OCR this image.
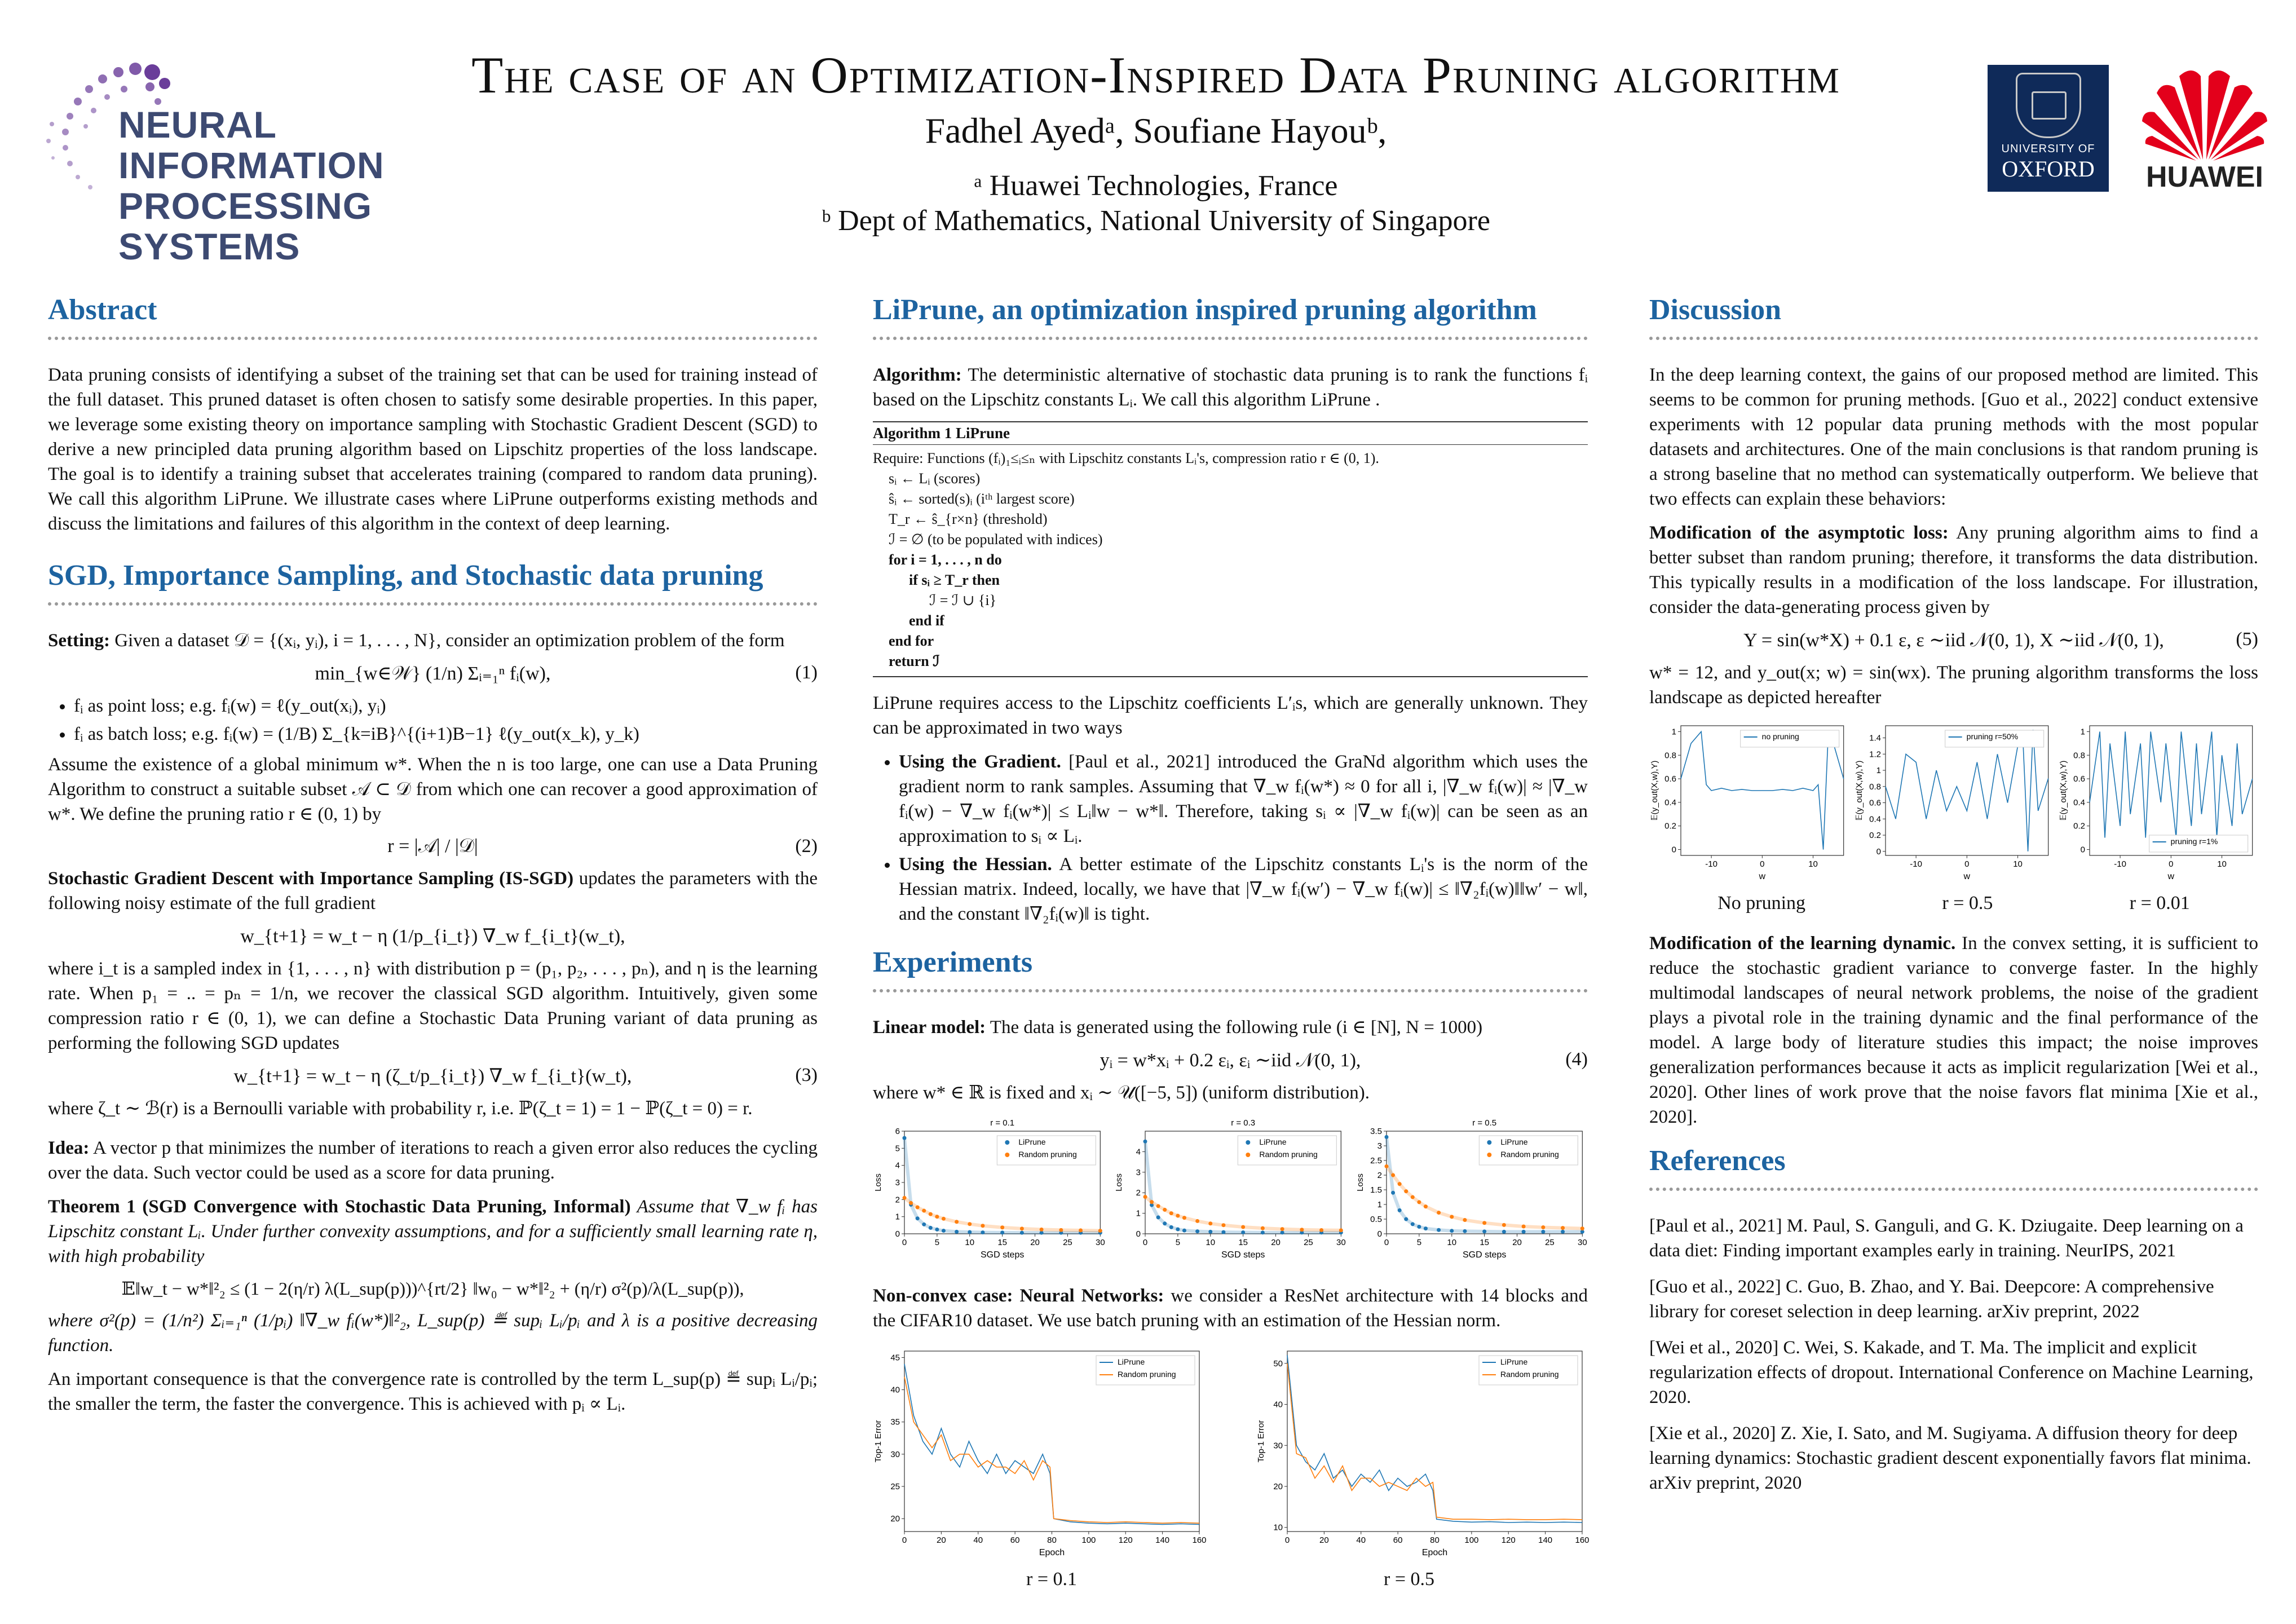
NEURAL INFORMATION
PROCESSING SYSTEMS
The case of an Optimization-Inspired Data Pruning algorithm
Fadhel Ayedᵃ, Soufiane Hayouᵇ,
ᵃ Huawei Technologies, France
ᵇ Dept of Mathematics, National University of Singapore
UNIVERSITY OF
OXFORD	HUAWEI
Abstract

Data pruning consists of identifying a subset of the training set that can be used for training instead of the full dataset. This pruned dataset is often chosen to satisfy some desirable properties. In this paper, we leverage some existing theory on importance sampling with Stochastic Gradient Descent (SGD) to derive a new principled data pruning algorithm based on Lipschitz properties of the loss landscape. The goal is to identify a training subset that accelerates training (compared to random data pruning). We call this algorithm LiPrune. We illustrate cases where LiPrune outperforms existing methods and discuss the limitations and failures of this algorithm in the context of deep learning.

SGD, Importance Sampling, and Stochastic data pruning

Setting: Given a dataset 𝒟 = {(xᵢ, yᵢ), i = 1, . . . , N}, consider an optimization problem of the form

min_{w∈𝒲} (1/n) Σᵢ₌₁ⁿ fᵢ(w),	(1)
• fᵢ as point loss; e.g. fᵢ(w) = ℓ(y_out(xᵢ), yᵢ)
• fᵢ as batch loss; e.g. fᵢ(w) = (1/B) Σ_{k=iB}^{(i+1)B−1} ℓ(y_out(x_k), y_k)

Assume the existence of a global minimum w*. When the n is too large, one can use a Data Pruning Algorithm to construct a suitable subset 𝒜 ⊂ 𝒟 from which one can recover a good approximation of w*. We define the pruning ratio r ∈ (0, 1) by

r = |𝒜| / |𝒟|	(2)

Stochastic Gradient Descent with Importance Sampling (IS-SGD) updates the parameters with the following noisy estimate of the full gradient

w_{t+1} = w_t − η (1/p_{i_t}) ∇_w f_{i_t}(w_t),

where i_t is a sampled index in {1, . . . , n} with distribution p = (p₁, p₂, . . . , pₙ), and η is the learning rate. When p₁ = .. = pₙ = 1/n, we recover the classical SGD algorithm. Intuitively, given some compression ratio r ∈ (0, 1), we can define a Stochastic Data Pruning variant of data pruning as performing the following SGD updates

w_{t+1} = w_t − η (ζ_t/p_{i_t}) ∇_w f_{i_t}(w_t),	(3)

where ζ_t ∼ ℬ(r) is a Bernoulli variable with probability r, i.e. ℙ(ζ_t = 1) = 1 − ℙ(ζ_t = 0) = r.

Idea: A vector p that minimizes the number of iterations to reach a given error also reduces the cycling over the data. Such vector could be used as a score for data pruning.

Theorem 1 (SGD Convergence with Stochastic Data Pruning, Informal) Assume that ∇_w fᵢ has Lipschitz constant Lᵢ. Under further convexity assumptions, and for a sufficiently small learning rate η, with high probability

𝔼‖w_t − w*‖²₂ ≤ (1 − 2(η/r) λ(L_sup(p)))^{rt/2} ‖w₀ − w*‖²₂ + (η/r) σ²(p)/λ(L_sup(p)),

where σ²(p) = (1/n²) Σᵢ₌₁ⁿ (1/pᵢ) ‖∇_w fᵢ(w*)‖²₂, L_sup(p) ≝ supᵢ Lᵢ/pᵢ and λ is a positive decreasing function.

An important consequence is that the convergence rate is controlled by the term L_sup(p) ≝ supᵢ Lᵢ/pᵢ; the smaller the term, the faster the convergence. This is achieved with pᵢ ∝ Lᵢ.

LiPrune, an optimization inspired pruning algorithm

Algorithm: The deterministic alternative of stochastic data pruning is to rank the functions fᵢ based on the Lipschitz constants Lᵢ. We call this algorithm LiPrune .

Algorithm 1 LiPrune
Require: Functions (fᵢ)₁≤ᵢ≤ₙ with Lipschitz constants Lᵢ's, compression ratio r ∈ (0, 1).
sᵢ ← Lᵢ (scores)
ŝᵢ ← sorted(s)ᵢ (iᵗʰ largest score)
T_r ← ŝ_{r×n} (threshold)
ℐ = ∅ (to be populated with indices)
for i = 1, . . . , n do
if sᵢ ≥ T_r then
ℐ = ℐ ∪ {i}
end if
end for
return ℐ

LiPrune requires access to the Lipschitz coefficients L′ᵢs, which are generally unknown. They can be approximated in two ways

• Using the Gradient. [Paul et al., 2021] introduced the GraNd algorithm which uses the gradient norm to rank samples. Assuming that ∇_w fᵢ(w*) ≈ 0 for all i, |∇_w fᵢ(w)| ≈ |∇_w fᵢ(w) − ∇_w fᵢ(w*)| ≤ Lᵢ‖w − w*‖. Therefore, taking sᵢ ∝ |∇_w fᵢ(w)| can be seen as an approximation to sᵢ ∝ Lᵢ.
• Using the Hessian. A better estimate of the Lipschitz constants Lᵢ's is the norm of the Hessian matrix. Indeed, locally, we have that |∇_w fᵢ(w′) − ∇_w fᵢ(w)| ≤ ‖∇₂fᵢ(w)‖‖w′ − w‖, and the constant ‖∇₂fᵢ(w)‖ is tight.
Experiments

Linear model: The data is generated using the following rule (i ∈ [N], N = 1000)

yᵢ = w*xᵢ + 0.2 εᵢ, εᵢ ∼iid 𝒩(0, 1),	(4)

where w* ∈ ℝ is fixed and xᵢ ∼ 𝒰([−5, 5]) (uniform distribution).

r = 0.1
0	5	10	15	20	25	30
0
1
2
3
4
5
6
SGD steps
Loss
LiPrune
Random pruning
r = 0.3
0	5	10	15	20	25	30
0
1
2
3
4
SGD steps
Loss
LiPrune
Random pruning
r = 0.5
0	5	10	15	20	25	30
0
0.5
1
1.5
2
2.5
3
3.5
SGD steps
Loss
LiPrune
Random pruning

Non-convex case: Neural Networks: we consider a ResNet architecture with 14 blocks and the CIFAR10 dataset. We use batch pruning with an estimation of the Hessian norm.

0	20	40	60	80	100	120	140	160
20
25
30
35
40
45
Epoch
Top-1 Error
LiPrune
Random pruning
0	20	40	60	80	100	120	140	160
10
20
30
40
50
Epoch
Top-1 Error
LiPrune
Random pruning
r = 0.1	r = 0.5
Discussion

In the deep learning context, the gains of our proposed method are limited. This seems to be common for pruning methods. [Guo et al., 2022] conduct extensive experiments with 12 popular data pruning methods with the most popular datasets and architectures. One of the main conclusions is that random pruning is a strong baseline that no method can systematically outperform. We believe that two effects can explain these behaviors:

Modification of the asymptotic loss: Any pruning algorithm aims to find a better subset than random pruning; therefore, it transforms the data distribution. This typically results in a modification of the loss landscape. For illustration, consider the data-generating process given by

Y = sin(w*X) + 0.1 ε, ε ∼iid 𝒩(0, 1), X ∼iid 𝒩(0, 1),	(5)

w* = 12, and y_out(x; w) = sin(wx). The pruning algorithm transforms the loss landscape as depicted hereafter

-10	0	10
0
0.2
0.4
0.6
0.8
1
w
𝔼(y_out(X,w),Y)
no pruning
-10	0	10
0
0.2
0.4
0.6
0.8
1
1.2
1.4
w
𝔼(y_out(X,w),Y)
pruning r=50%
-10	0	10
0
0.2
0.4
0.6
0.8
1
w
𝔼(y_out(X,w),Y)
pruning r=1%
No pruning	r = 0.5	r = 0.01

Modification of the learning dynamic. In the convex setting, it is sufficient to reduce the stochastic gradient variance to converge faster. In the highly multimodal landscapes of neural network problems, the noise of the gradient plays a pivotal role in the training dynamic and the final performance of the model. A large body of literature studies this impact; the noise improves generalization performances because it acts as implicit regularization [Wei et al., 2020]. Other lines of work prove that the noise favors flat minima [Xie et al., 2020].

References
[Paul et al., 2021] M. Paul, S. Ganguli, and G. K. Dziugaite. Deep learning on a data diet: Finding important examples early in training. NeurIPS, 2021
[Guo et al., 2022] C. Guo, B. Zhao, and Y. Bai. Deepcore: A comprehensive library for coreset selection in deep learning. arXiv preprint, 2022
[Wei et al., 2020] C. Wei, S. Kakade, and T. Ma. The implicit and explicit regularization effects of dropout. International Conference on Machine Learning, 2020.
[Xie et al., 2020] Z. Xie, I. Sato, and M. Sugiyama. A diffusion theory for deep learning dynamics: Stochastic gradient descent exponentially favors flat minima. arXiv preprint, 2020
